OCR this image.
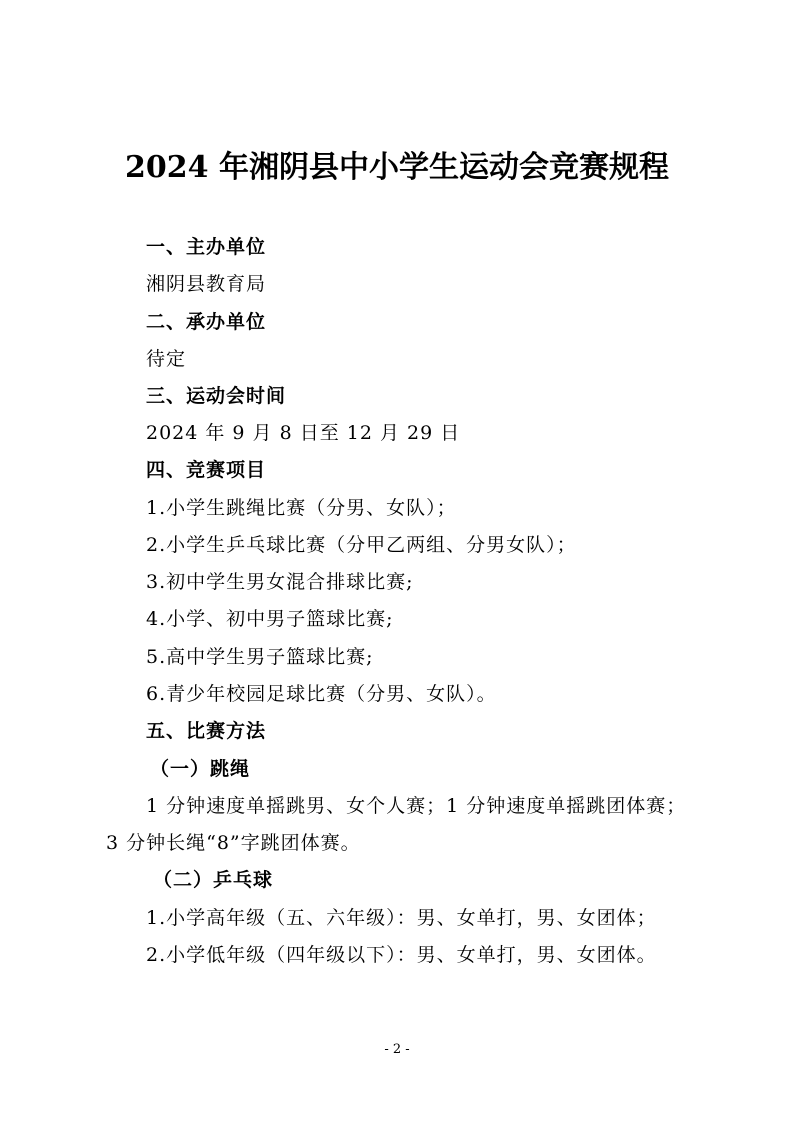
2024 年湘阴县中小学生运动会竞赛规程
一、主办单位
湘阴县教育局
二、承办单位
待定
三、运动会时间
2024 年 9 月 8 日至 12 月 29 日
四、竞赛项目
1.小学生跳绳比赛（分男、女队）；
2.小学生乒乓球比赛（分甲乙两组、分男女队）；
3.初中学生男女混合排球比赛;
4.小学、初中男子篮球比赛;
5.高中学生男子篮球比赛;
6.青少年校园足球比赛（分男、女队）。
五、比赛方法
（一）跳绳
1 分钟速度单摇跳男、女个人赛；1 分钟速度单摇跳团体赛；
3 分钟长绳“8”字跳团体赛。
（二）乒乓球
1.小学高年级（五、六年级）：男、女单打，男、女团体；
2.小学低年级（四年级以下）：男、女单打，男、女团体。
- 2 -
